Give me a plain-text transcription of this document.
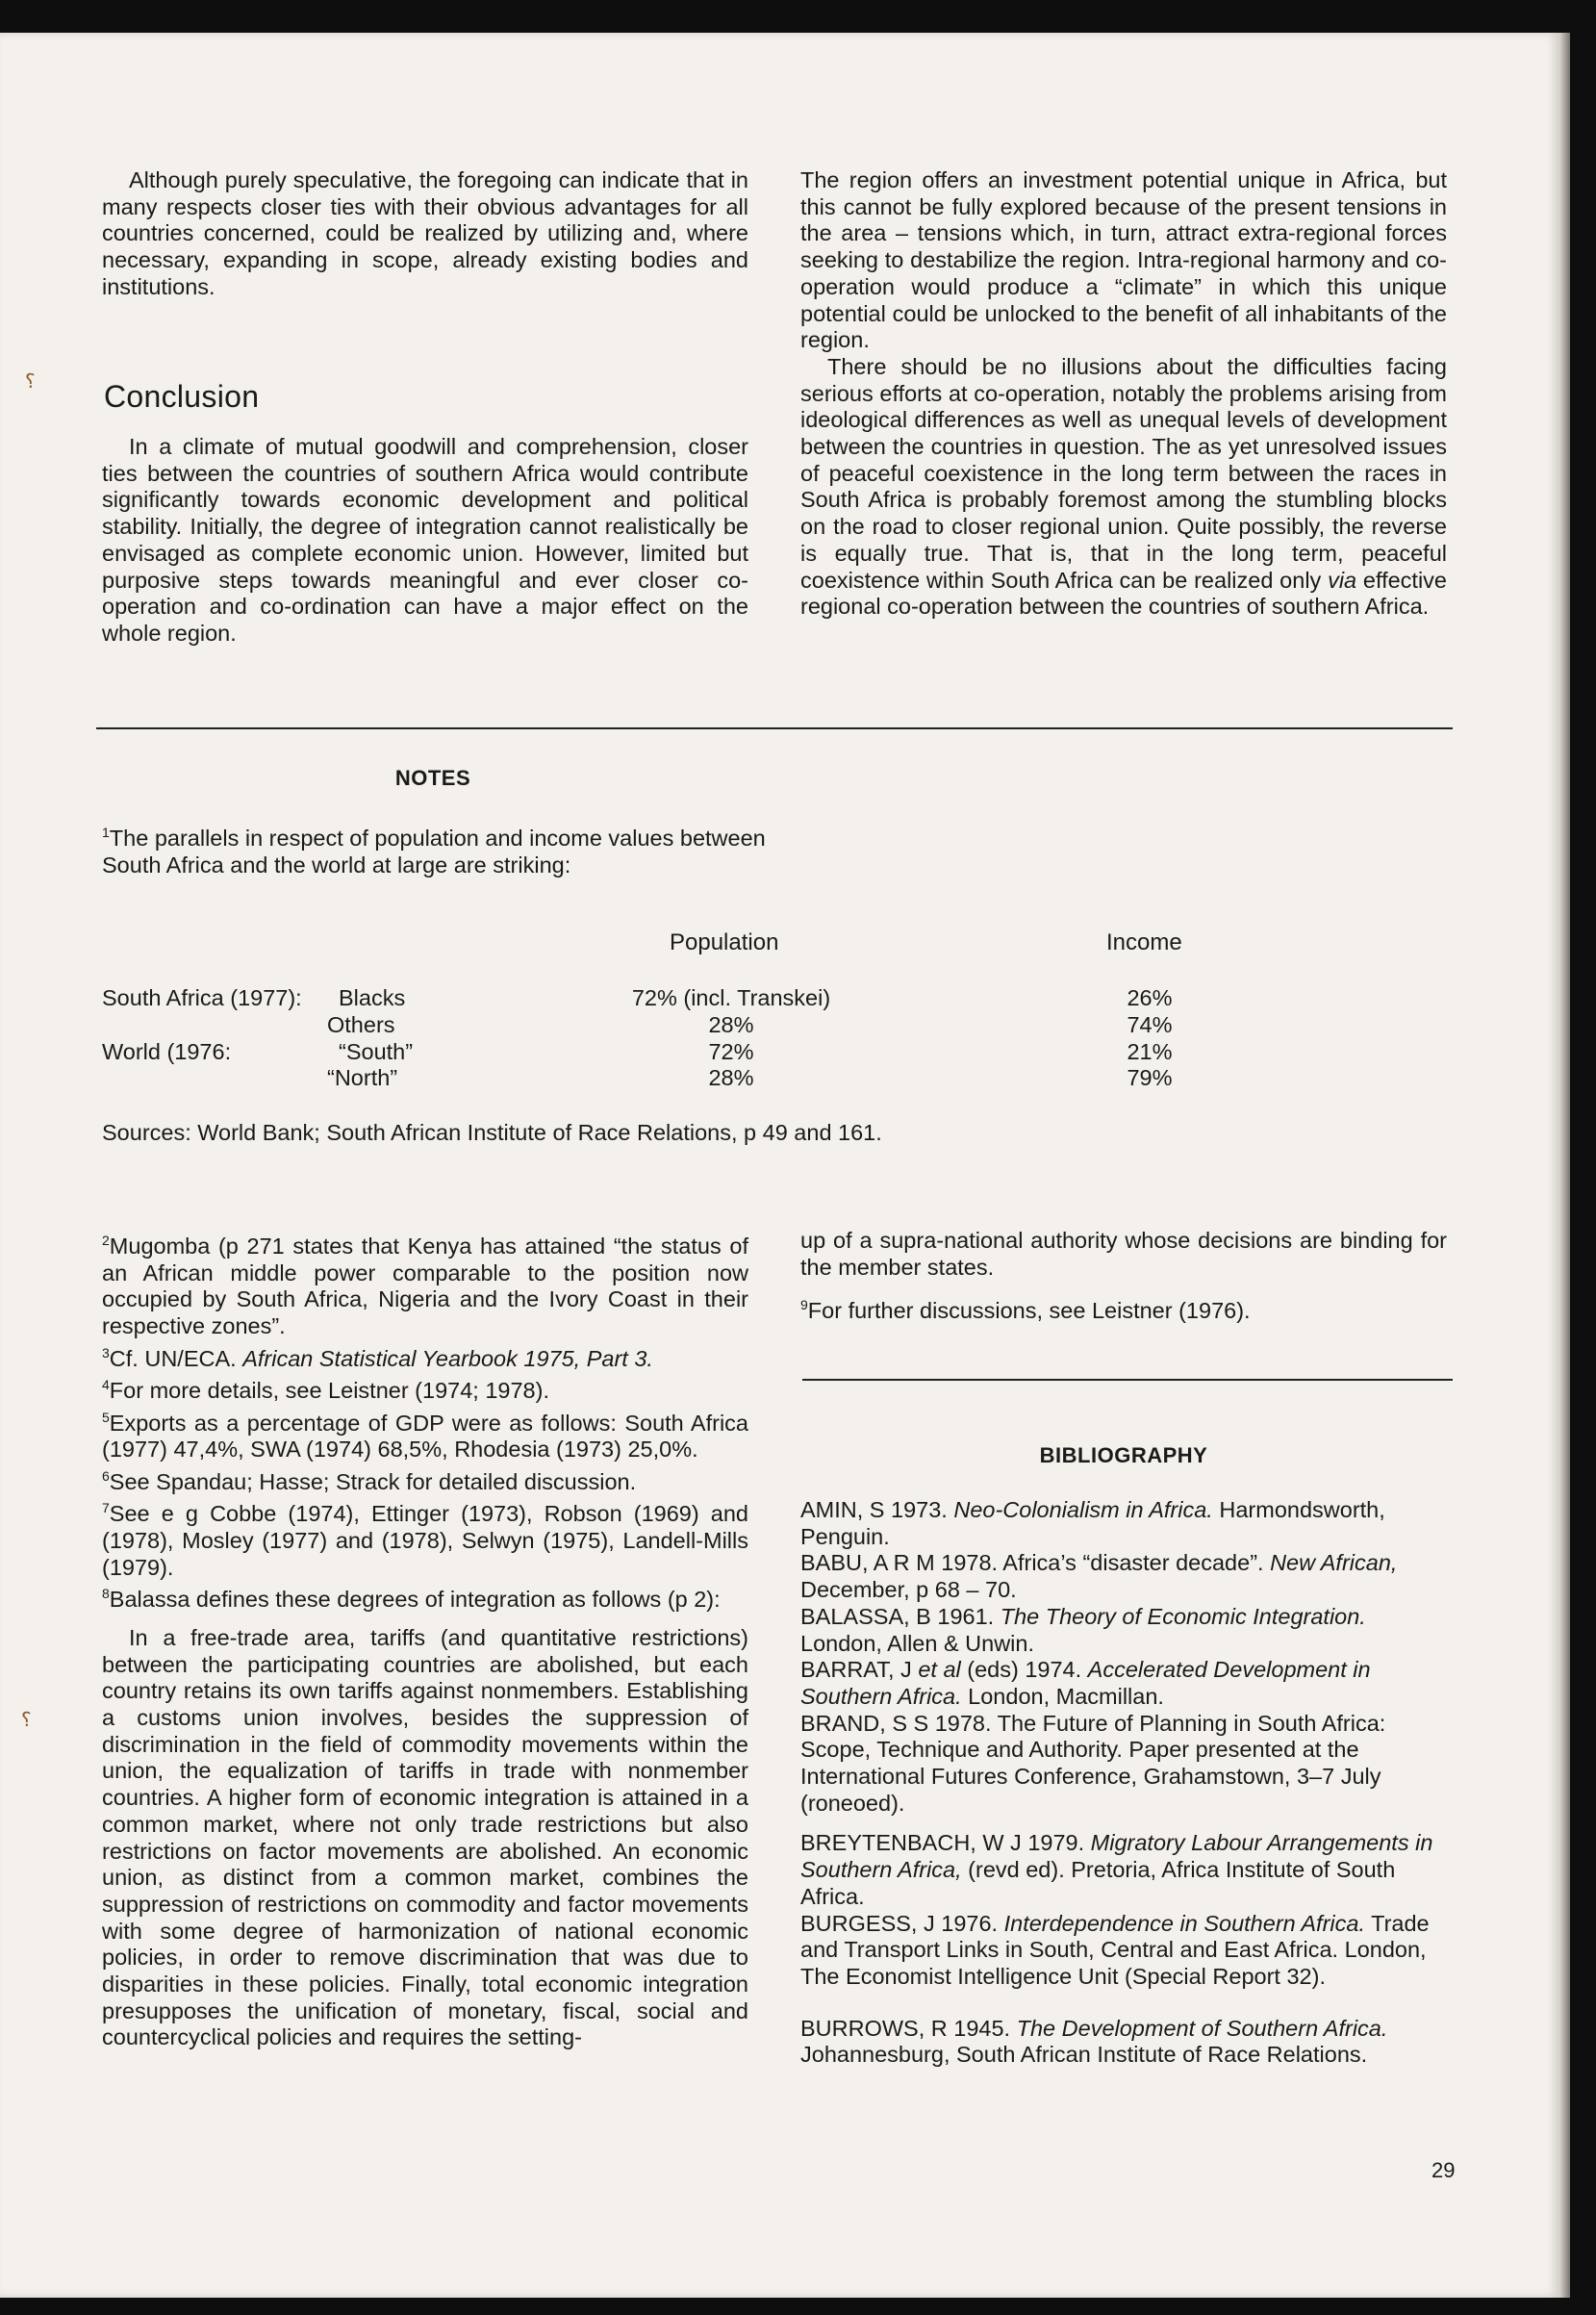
⸮
⸮

Although purely speculative, the foregoing can indicate that in many respects closer ties with their obvious advantages for all countries concerned, could be realized by utilizing and, where necessary, expanding in scope, already existing bodies and institutions.

Conclusion

In a climate of mutual goodwill and comprehension, closer ties between the countries of southern Africa would contribute significantly towards economic development and political stability. Initially, the degree of integration cannot realistically be envisaged as complete economic union. However, limited but purposive steps towards meaningful and ever closer co-operation and co-ordination can have a major effect on the whole region.

The region offers an investment potential unique in Africa, but this cannot be fully explored because of the present tensions in the area – tensions which, in turn, attract extra-regional forces seeking to destabilize the region. Intra-regional harmony and co-operation would produce a “climate” in which this unique potential could be unlocked to the benefit of all inhabitants of the region.

There should be no illusions about the difficulties facing serious efforts at co-operation, notably the problems arising from ideological differences as well as unequal levels of development between the countries in question. The as yet unresolved issues of peaceful coexistence in the long term between the races in South Africa is probably foremost among the stumbling blocks on the road to closer regional union. Quite possibly, the reverse is equally true. That is, that in the long term, peaceful coexistence within South Africa can be realized only via effective regional co-operation between the countries of southern Africa.

NOTES
$^1$The parallels in respect of population and income values between South Africa and the world at large are striking:
Population	Income
South Africa (1977):
World (1976:
Blacks
Others
“South”
“North”
72% (incl. Transkei)
28%
72%
28%
26%
74%
21%
79%
Sources: World Bank; South African Institute of Race Relations, p 49 and 161.

$^2$Mugomba (p 271 states that Kenya has attained “the status of an African middle power comparable to the position now occupied by South Africa, Nigeria and the Ivory Coast in their respective zones”.

$^3$Cf. UN/ECA. African Statistical Yearbook 1975, Part 3.

$^4$For more details, see Leistner (1974; 1978).

$^5$Exports as a percentage of GDP were as follows: South Africa (1977) 47,4%, SWA (1974) 68,5%, Rhodesia (1973) 25,0%.

$^6$See Spandau; Hasse; Strack for detailed discussion.

$^7$See e g Cobbe (1974), Ettinger (1973), Robson (1969) and (1978), Mosley (1977) and (1978), Selwyn (1975), Landell-Mills (1979).

$^8$Balassa defines these degrees of integration as follows (p 2):

In a free-trade area, tariffs (and quantitative restrictions) between the participating countries are abolished, but each country retains its own tariffs against nonmembers. Establishing a customs union involves, besides the suppression of discrimination in the field of commodity movements within the union, the equalization of tariffs in trade with nonmember countries. A higher form of economic integration is attained in a common market, where not only trade restrictions but also restrictions on factor movements are abolished. An economic union, as distinct from a common market, combines the suppression of restrictions on commodity and factor movements with some degree of harmonization of national economic policies, in order to remove discrimination that was due to disparities in these policies. Finally, total economic integration presupposes the unification of monetary, fiscal, social and countercyclical policies and requires the setting-

up of a supra-national authority whose decisions are binding for the member states.

$^9$For further discussions, see Leistner (1976).

BIBLIOGRAPHY

AMIN, S 1973. Neo-Colonialism in Africa. Harmondsworth, Penguin.

BABU, A R M 1978. Africa’s “disaster decade”. New African, December, p 68 – 70.

BALASSA, B 1961. The Theory of Economic Integration. London, Allen & Unwin.

BARRAT, J et al (eds) 1974. Accelerated Development in Southern Africa. London, Macmillan.

BRAND, S S 1978. The Future of Planning in South Africa: Scope, Technique and Authority. Paper presented at the International Futures Conference, Grahamstown, 3–7 July (roneoed).

BREYTENBACH, W J 1979. Migratory Labour Arrangements in Southern Africa, (revd ed). Pretoria, Africa Institute of South Africa.

BURGESS, J 1976. Interdependence in Southern Africa. Trade and Transport Links in South, Central and East Africa. London, The Economist Intelligence Unit (Special Report 32).

BURROWS, R 1945. The Development of Southern Africa. Johannesburg, South African Institute of Race Relations.

29
